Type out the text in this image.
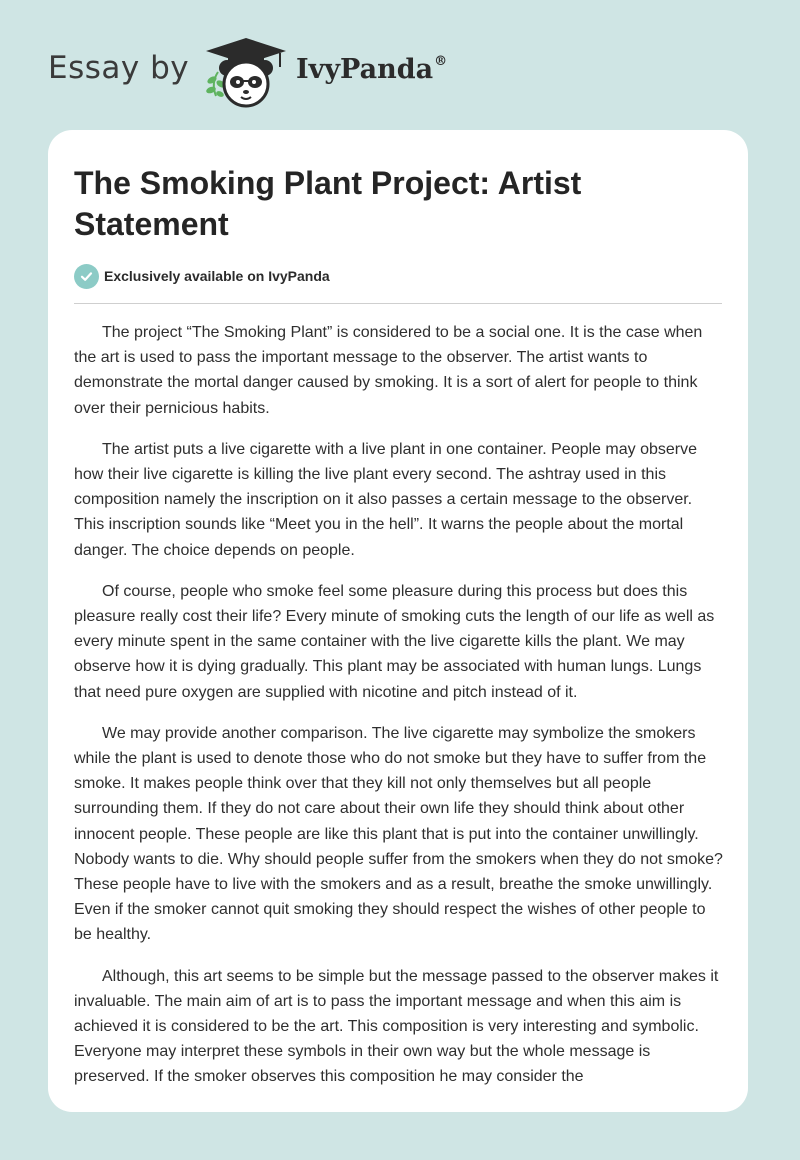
Essay by	IvyPanda®
The Smoking Plant Project: Artist Statement
Exclusively available on IvyPanda

The project “The Smoking Plant” is considered to be a social one. It is the case when the art is used to pass the important message to the observer. The artist wants to demonstrate the mortal danger caused by smoking. It is a sort of alert for people to think over their pernicious habits.

The artist puts a live cigarette with a live plant in one container. People may observe how their live cigarette is killing the live plant every second. The ashtray used in this composition namely the inscription on it also passes a certain message to the observer. This inscription sounds like “Meet you in the hell”. It warns the people about the mortal danger. The choice depends on people.

Of course, people who smoke feel some pleasure during this process but does this pleasure really cost their life? Every minute of smoking cuts the length of our life as well as every minute spent in the same container with the live cigarette kills the plant. We may observe how it is dying gradually. This plant may be associated with human lungs. Lungs that need pure oxygen are supplied with nicotine and pitch instead of it.

We may provide another comparison. The live cigarette may symbolize the smokers while the plant is used to denote those who do not smoke but they have to suffer from the smoke. It makes people think over that they kill not only themselves but all people surrounding them. If they do not care about their own life they should think about other innocent people. These people are like this plant that is put into the container unwillingly. Nobody wants to die. Why should people suffer from the smokers when they do not smoke? These people have to live with the smokers and as a result, breathe the smoke unwillingly. Even if the smoker cannot quit smoking they should respect the wishes of other people to be healthy.

Although, this art seems to be simple but the message passed to the observer makes it invaluable. The main aim of art is to pass the important message and when this aim is achieved it is considered to be the art. This composition is very interesting and symbolic. Everyone may interpret these symbols in their own way but the whole message is preserved. If the smoker observes this composition he may consider the
